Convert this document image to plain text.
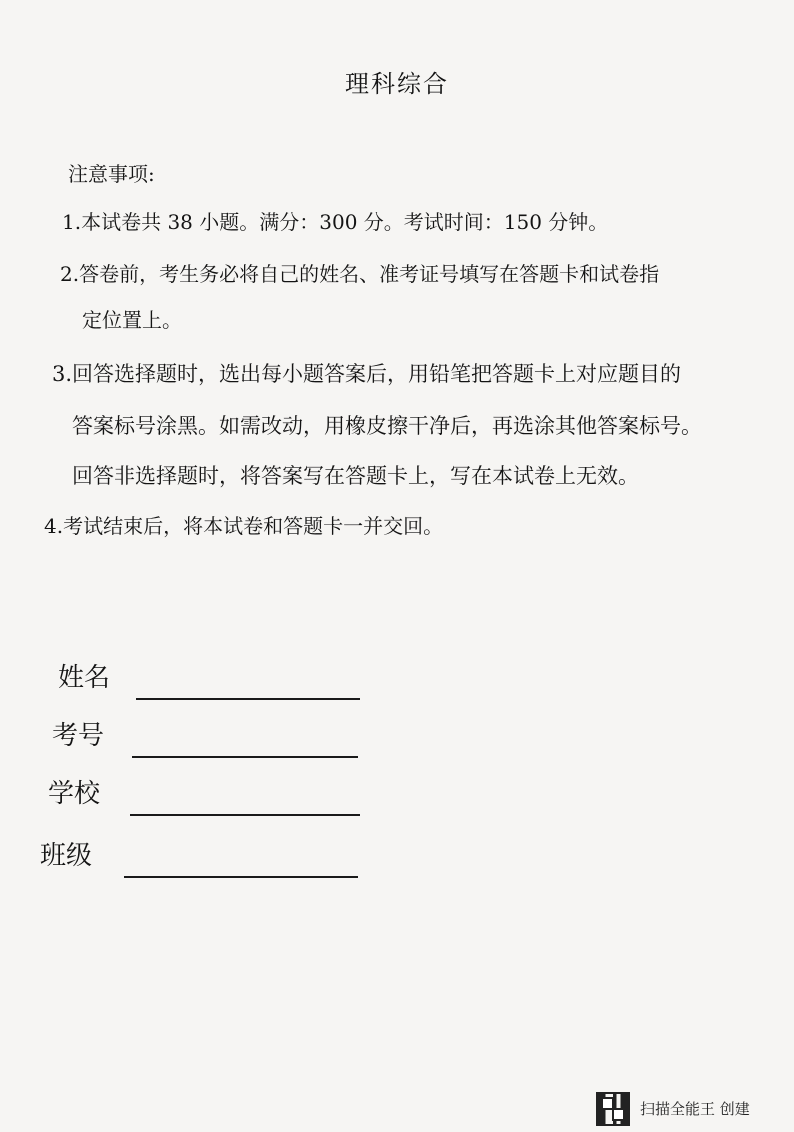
理科综合
注意事项:
1.本试卷共 38 小题。满分：300 分。考试时间：150 分钟。
2.答卷前，考生务必将自己的姓名、准考证号填写在答题卡和试卷指
定位置上。
3.回答选择题时，选出每小题答案后，用铅笔把答题卡上对应题目的
答案标号涂黑。如需改动，用橡皮擦干净后，再选涂其他答案标号。
回答非选择题时，将答案写在答题卡上，写在本试卷上无效。
4.考试结束后，将本试卷和答题卡一并交回。
姓名
考号
学校
班级
扫描全能王 创建
